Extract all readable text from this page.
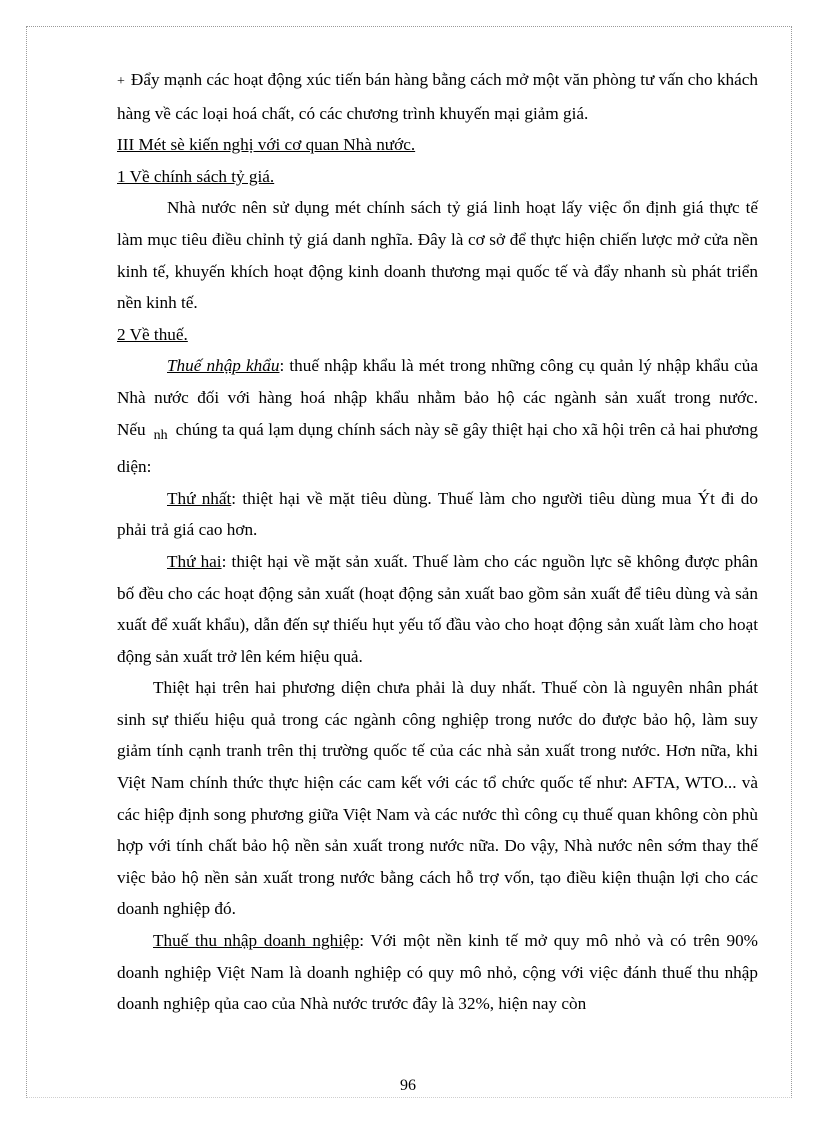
+ Đẩy mạnh các hoạt động xúc tiến bán hàng bằng cách mở một văn phòng tư vấn cho khách hàng về các loại hoá chất, có các chương trình khuyến mại giảm giá.

III Mét sè kiến nghị với cơ quan Nhà nước.

1 Về chính sách tỷ giá.

Nhà nước nên sử dụng mét chính sách tỷ giá linh hoạt lấy việc ổn định giá thực tế làm mục tiêu điều chỉnh tỷ giá danh nghĩa. Đây là cơ sở để thực hiện chiến lược mở cửa nền kinh tế, khuyến khích hoạt động kinh doanh thương mại quốc tế và đẩy nhanh sù phát triển nền kinh tế.

2 Về thuế.

Thuế nhập khẩu: thuế nhập khẩu là mét trong những công cụ quản lý nhập khẩu của Nhà nước đối với hàng hoá nhập khẩu nhằm bảo hộ các ngành sản xuất trong nước. Nếu $_{nh}$ chúng ta quá lạm dụng chính sách này sẽ gây thiệt hại cho xã hội trên cả hai phương diện:

Thứ nhất: thiệt hại về mặt tiêu dùng. Thuế làm cho người tiêu dùng mua Ýt đi do phải trả giá cao hơn.

Thứ hai: thiệt hại về mặt sản xuất. Thuế làm cho các nguồn lực sẽ không được phân bố đều cho các hoạt động sản xuất (hoạt động sản xuất bao gồm sản xuất để tiêu dùng và sản xuất để xuất khẩu), dẫn đến sự thiếu hụt yếu tố đầu vào cho hoạt động sản xuất làm cho hoạt động sản xuất trở lên kém hiệu quả.

Thiệt hại trên hai phương diện chưa phải là duy nhất. Thuế còn là nguyên nhân phát sinh sự thiếu hiệu quả trong các ngành công nghiệp trong nước do được bảo hộ, làm suy giảm tính cạnh tranh trên thị trường quốc tế của các nhà sản xuất trong nước. Hơn nữa, khi Việt Nam chính thức thực hiện các cam kết với các tổ chức quốc tế như: AFTA, WTO... và các hiệp định song phương giữa Việt Nam và các nước thì công cụ thuế quan không còn phù hợp với tính chất bảo hộ nền sản xuất trong nước nữa. Do vậy, Nhà nước nên sớm thay thế việc bảo hộ nền sản xuất trong nước bằng cách hỗ trợ vốn, tạo điều kiện thuận lợi cho các doanh nghiệp đó.

Thuế thu nhập doanh nghiệp: Với một nền kinh tế mở quy mô nhỏ và có trên 90% doanh nghiệp Việt Nam là doanh nghiệp có quy mô nhỏ, cộng với việc đánh thuế thu nhập doanh nghiệp qủa cao của Nhà nước trước đây là 32%, hiện nay còn

96
